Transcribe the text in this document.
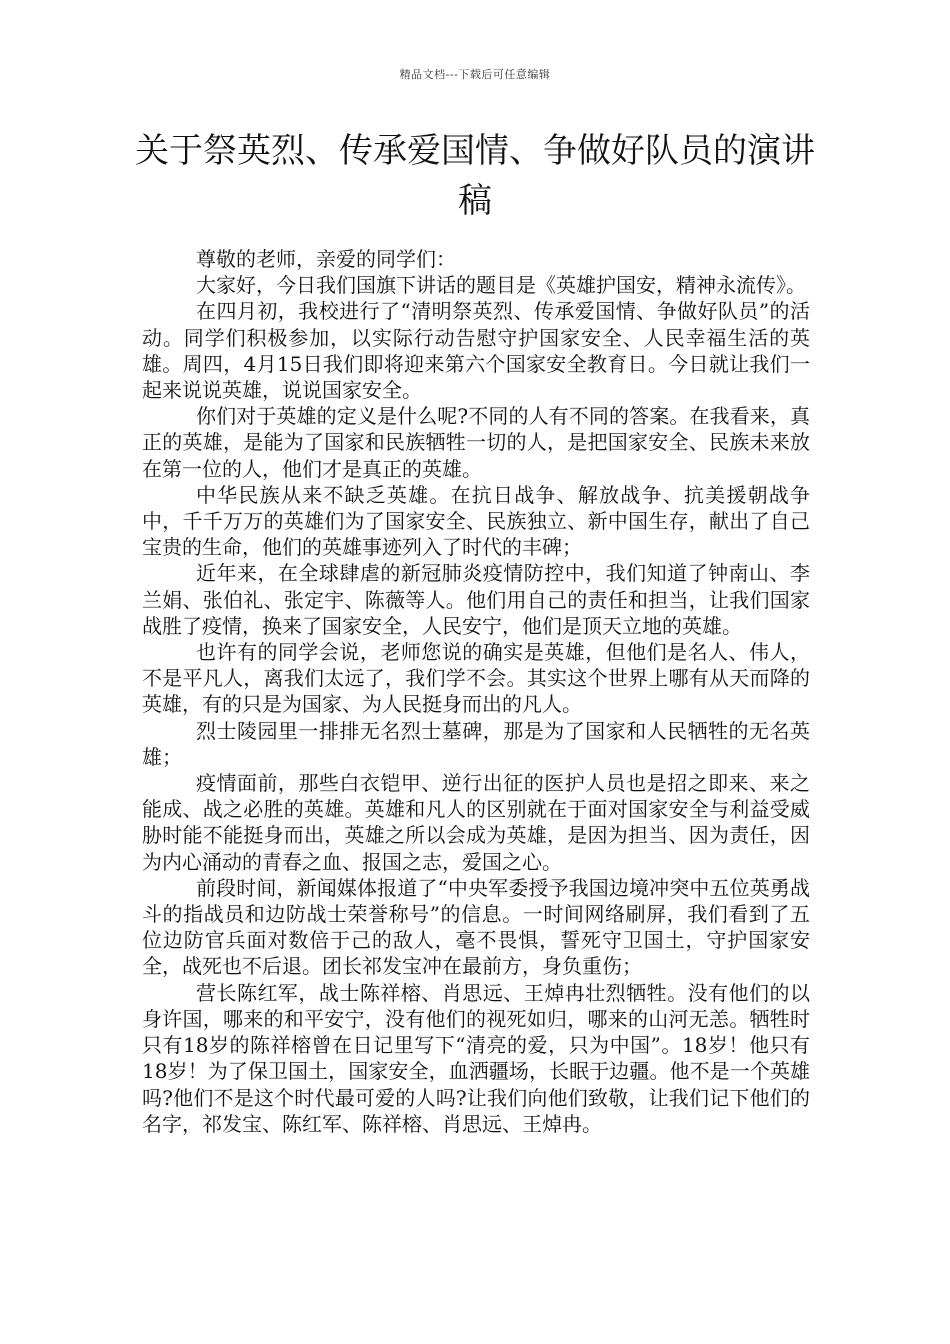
精品文档---下载后可任意编辑
关于祭英烈、传承爱国情、争做好队员的演讲稿

尊敬的老师，亲爱的同学们：

大家好，今日我们国旗下讲话的题目是《英雄护国安，精神永流传》。

在四月初，我校进行了“清明祭英烈、传承爱国情、争做好队员”的活动。同学们积极参加，以实际行动告慰守护国家安全、人民幸福生活的英雄。周四，4月15日我们即将迎来第六个国家安全教育日。今日就让我们一起来说说英雄，说说国家安全。

你们对于英雄的定义是什么呢?不同的人有不同的答案。在我看来，真正的英雄，是能为了国家和民族牺牲一切的人，是把国家安全、民族未来放在第一位的人，他们才是真正的英雄。

中华民族从来不缺乏英雄。在抗日战争、解放战争、抗美援朝战争中，千千万万的英雄们为了国家安全、民族独立、新中国生存，献出了自己宝贵的生命，他们的英雄事迹列入了时代的丰碑；

近年来，在全球肆虐的新冠肺炎疫情防控中，我们知道了钟南山、李兰娟、张伯礼、张定宇、陈薇等人。他们用自己的责任和担当，让我们国家战胜了疫情，换来了国家安全，人民安宁，他们是顶天立地的英雄。

也许有的同学会说，老师您说的确实是英雄，但他们是名人、伟人，不是平凡人，离我们太远了，我们学不会。其实这个世界上哪有从天而降的英雄，有的只是为国家、为人民挺身而出的凡人。

烈士陵园里一排排无名烈士墓碑，那是为了国家和人民牺牲的无名英雄；

疫情面前，那些白衣铠甲、逆行出征的医护人员也是招之即来、来之能成、战之必胜的英雄。英雄和凡人的区别就在于面对国家安全与利益受威胁时能不能挺身而出，英雄之所以会成为英雄，是因为担当、因为责任，因为内心涌动的青春之血、报国之志，爱国之心。

前段时间，新闻媒体报道了“中央军委授予我国边境冲突中五位英勇战斗的指战员和边防战士荣誉称号”的信息。一时间网络刷屏，我们看到了五位边防官兵面对数倍于己的敌人，毫不畏惧，誓死守卫国土，守护国家安全，战死也不后退。团长祁发宝冲在最前方，身负重伤；

营长陈红军，战士陈祥榕、肖思远、王焯冉壮烈牺牲。没有他们的以身许国，哪来的和平安宁，没有他们的视死如归，哪来的山河无恙。牺牲时只有18岁的陈祥榕曾在日记里写下“清亮的爱，只为中国”。18岁！他只有18岁！为了保卫国土，国家安全，血洒疆场，长眠于边疆。他不是一个英雄吗?他们不是这个时代最可爱的人吗?让我们向他们致敬，让我们记下他们的名字，祁发宝、陈红军、陈祥榕、肖思远、王焯冉。
